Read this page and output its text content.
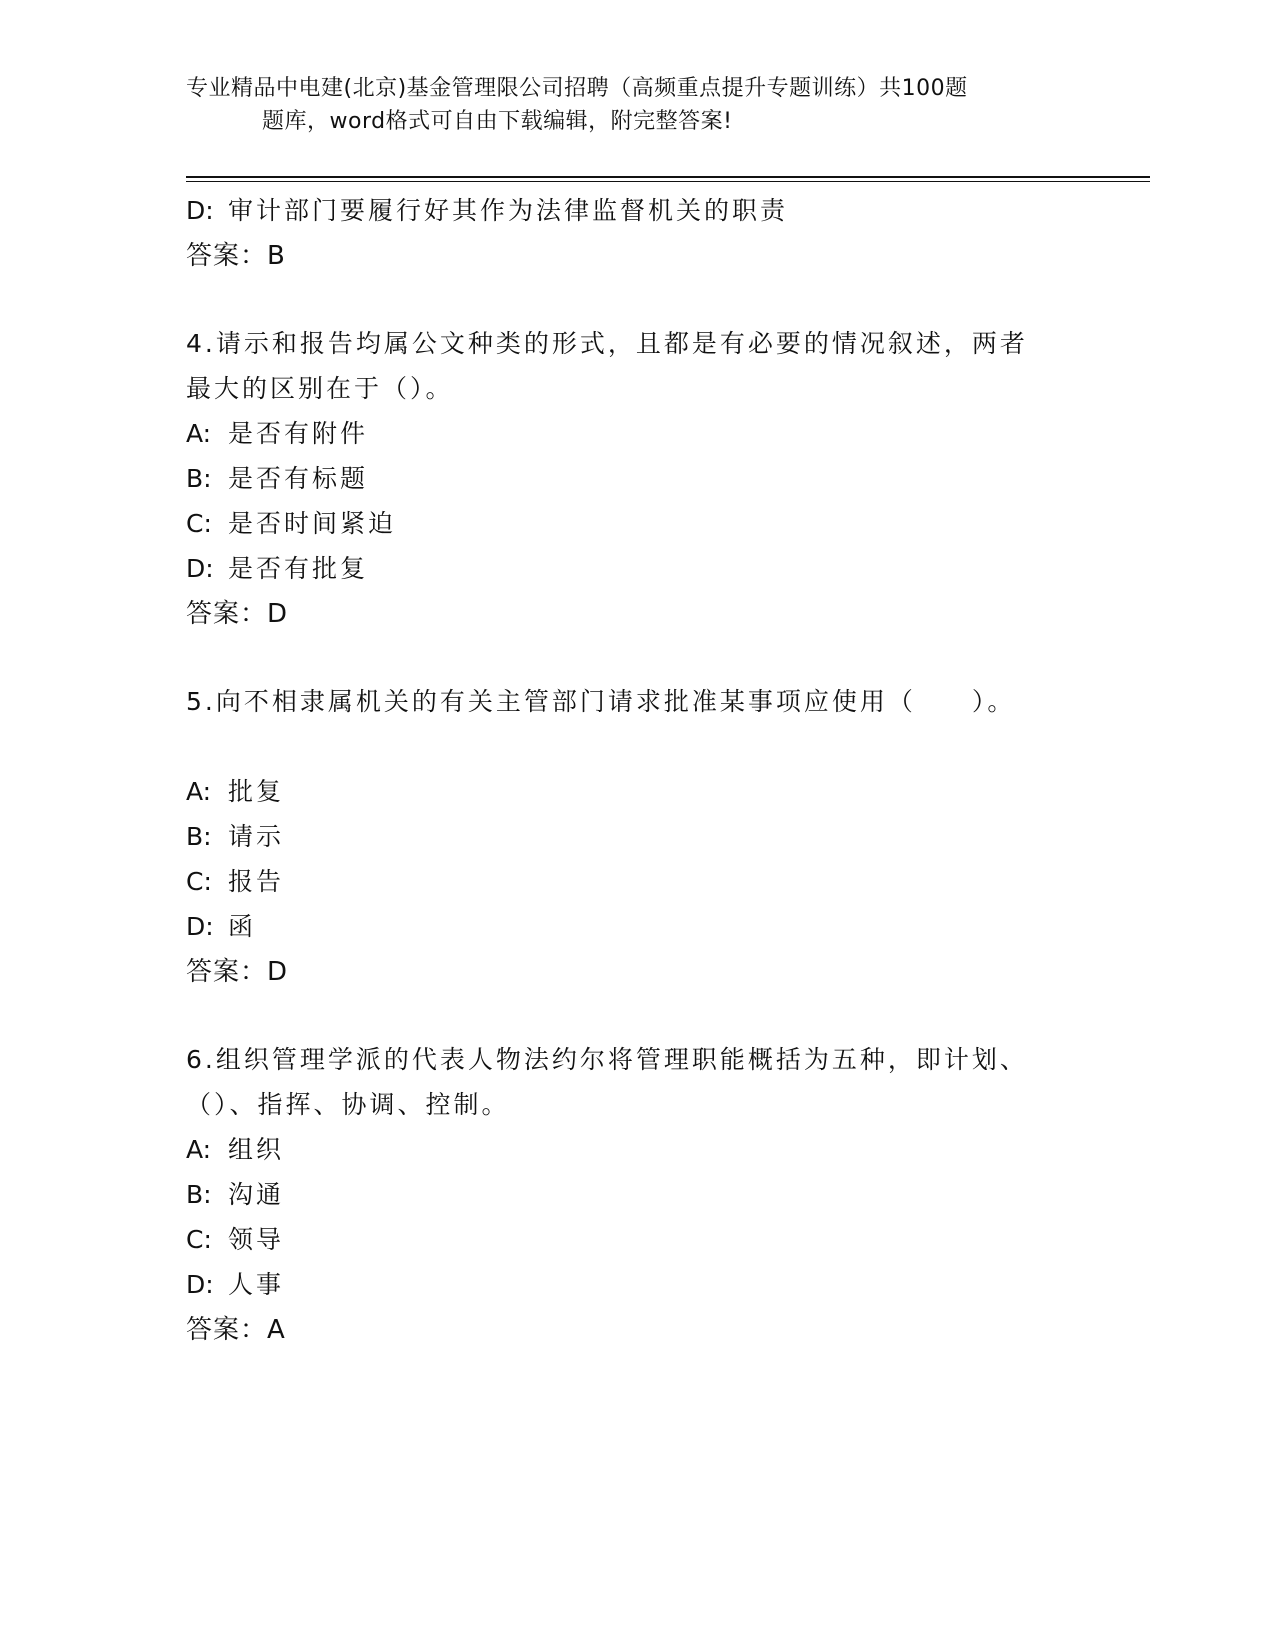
专业精品中电建(北京)基金管理限公司招聘（高频重点提升专题训练）共100题
题库，word格式可自由下载编辑，附完整答案!
D: 审计部门要履行好其作为法律监督机关的职责
答案：B
4.请示和报告均属公文种类的形式，且都是有必要的情况叙述，两者
最大的区别在于（）。
A: 是否有附件
B: 是否有标题
C: 是否时间紧迫
D: 是否有批复
答案：D
5.向不相隶属机关的有关主管部门请求批准某事项应使用（　　）。
A: 批复
B: 请示
C: 报告
D: 函
答案：D
6.组织管理学派的代表人物法约尔将管理职能概括为五种，即计划、
（）、指挥、协调、控制。
A: 组织
B: 沟通
C: 领导
D: 人事
答案：A
